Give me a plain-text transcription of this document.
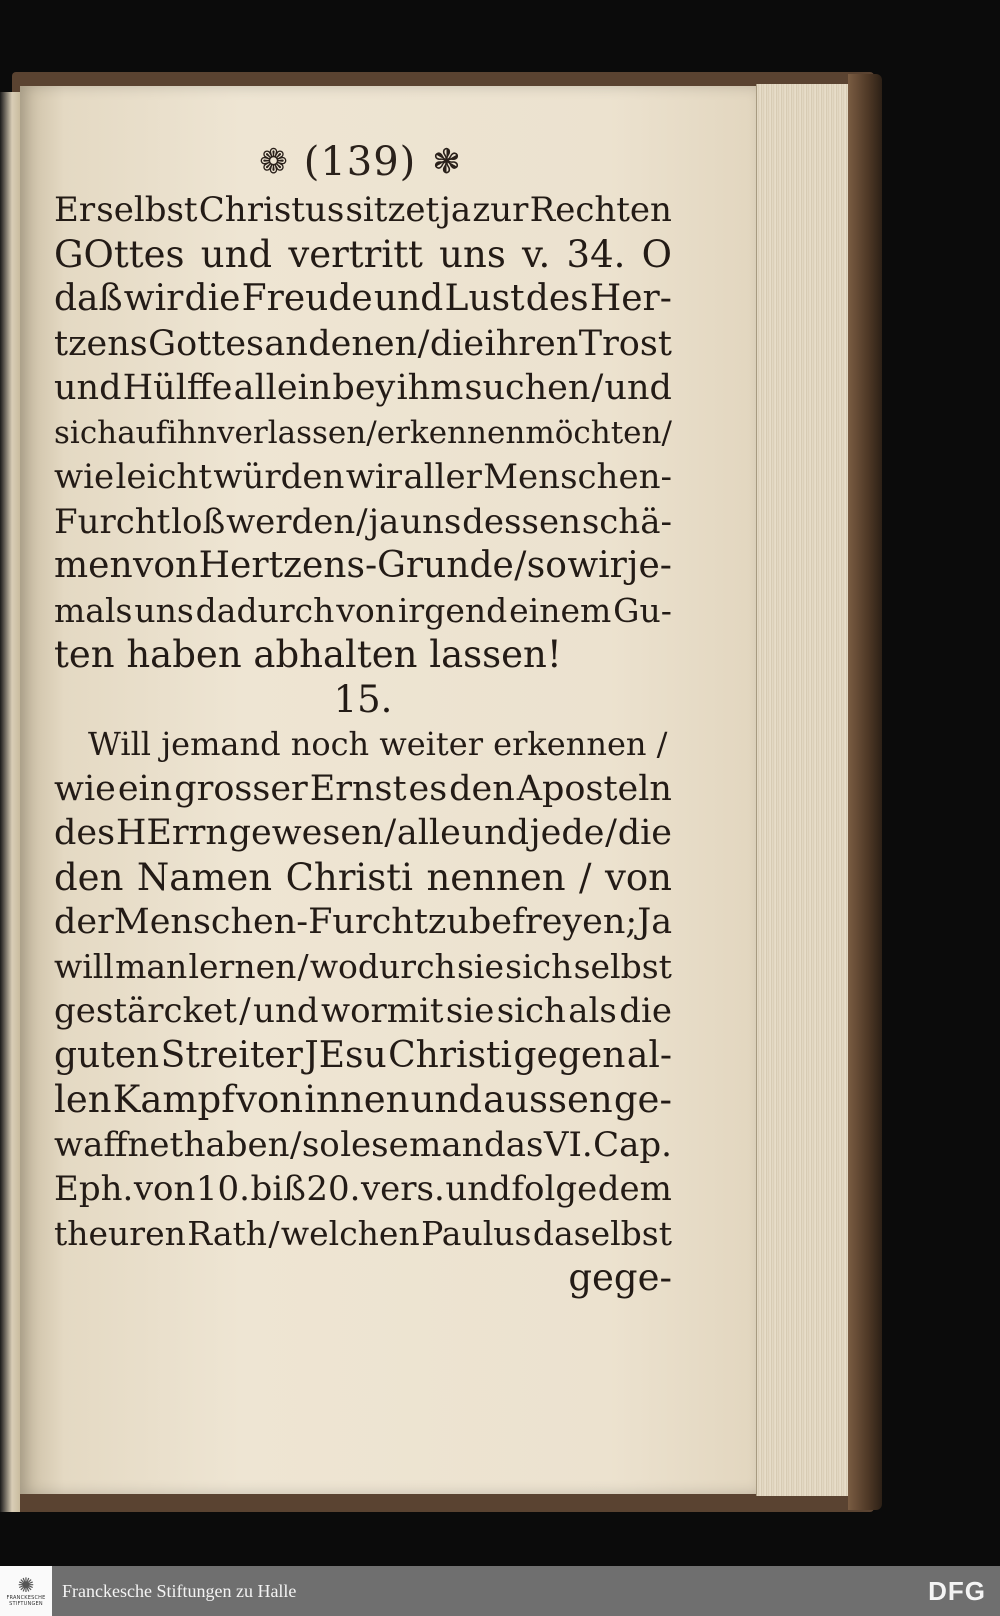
❁ (139) ❃
Er selbst Christus sitzet ja zur Rechten
GOttes und vertritt uns v. 34. O
daß wir die Freude und Lust des Her-
tzens Gottes an denen / die ihren Trost
und Hülffe allein bey ihm suchen / und
sich auf ihn verlassen / erkennen möchten /
wie leicht würden wir aller Menschen-
Furcht loß werden / ja uns dessen schä-
men von Hertzens-Grunde / so wir je-
mals uns dadurch von irgend einem Gu-
ten haben abhalten lassen!
15.
Will jemand noch weiter erkennen /
wie ein grosser Ernst es den Aposteln
des HErrn gewesen / alle und jede / die
den Namen Christi nennen / von
der Menschen-Furcht zu befreyen; Ja
will man lernen / wodurch sie sich selbst
gestärcket / und wormit sie sich als die
guten Streiter JEsu Christi gegen al-
len Kampf von innen und aussen ge-
waffnet haben / so lese man das VI. Cap.
Eph. von 10. biß 20. vers. und folge dem
theuren Rath / welchen Paulus daselbst
gege-
✺
FRANCKESCHE STIFTUNGEN
Franckesche Stiftungen zu Halle	DFG
